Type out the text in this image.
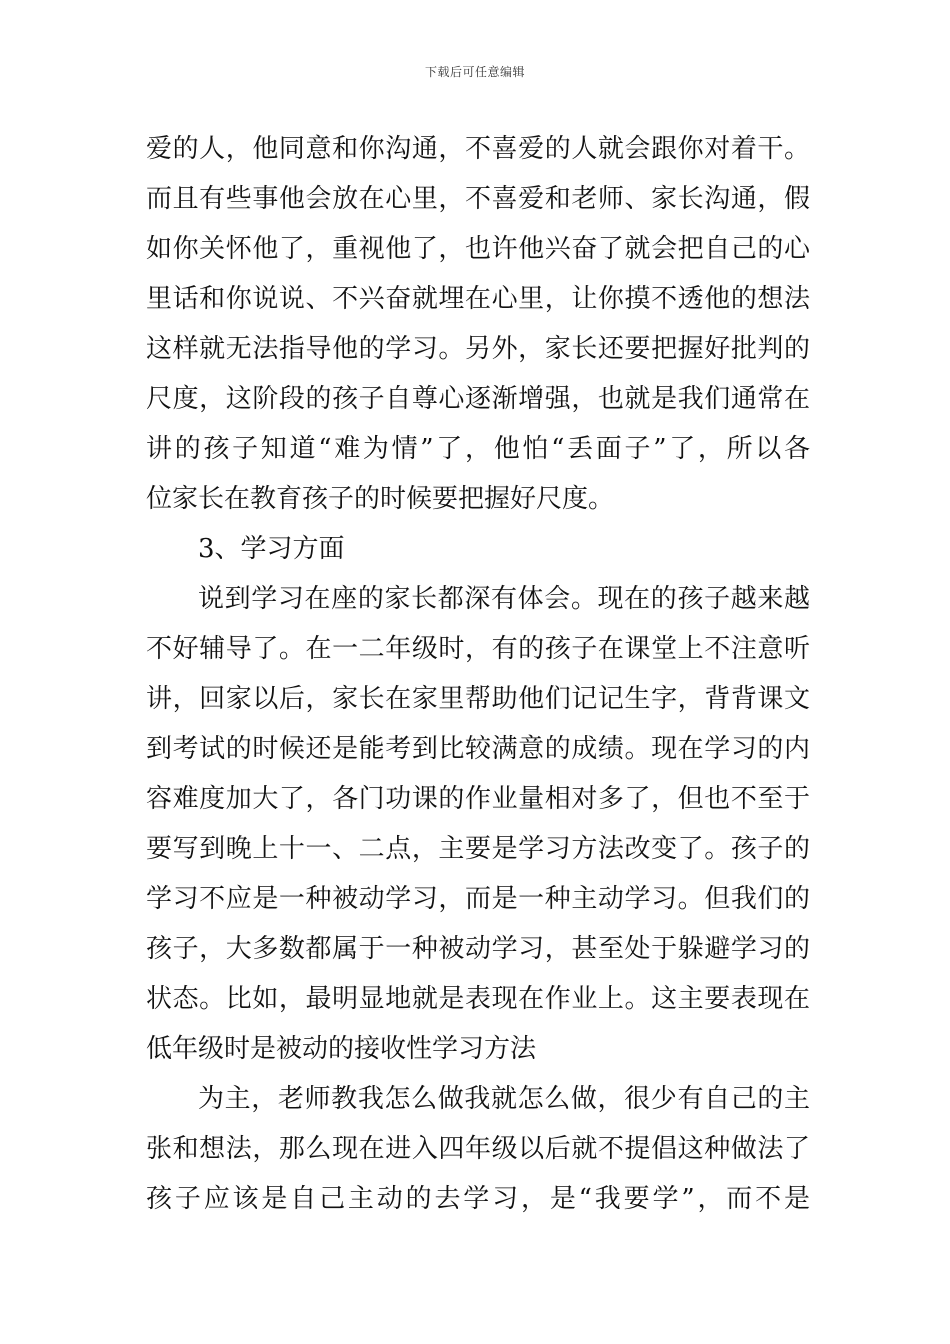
下载后可任意编辑
爱的人，他同意和你沟通，不喜爱的人就会跟你对着干。
而且有些事他会放在心里，不喜爱和老师、家长沟通，假
如你关怀他了，重视他了，也许他兴奋了就会把自己的心
里话和你说说、不兴奋就埋在心里，让你摸不透他的想法
这样就无法指导他的学习。另外，家长还要把握好批判的
尺度，这阶段的孩子自尊心逐渐增强，也就是我们通常在
讲的孩子知道“难为情”了，他怕“丢面子”了，所以各
位家长在教育孩子的时候要把握好尺度。
3、学习方面
说到学习在座的家长都深有体会。现在的孩子越来越
不好辅导了。在一二年级时，有的孩子在课堂上不注意听
讲，回家以后，家长在家里帮助他们记记生字，背背课文
到考试的时候还是能考到比较满意的成绩。现在学习的内
容难度加大了，各门功课的作业量相对多了，但也不至于
要写到晚上十一、二点，主要是学习方法改变了。孩子的
学习不应是一种被动学习，而是一种主动学习。但我们的
孩子，大多数都属于一种被动学习，甚至处于躲避学习的
状态。比如，最明显地就是表现在作业上。这主要表现在
低年级时是被动的接收性学习方法
为主，老师教我怎么做我就怎么做，很少有自己的主
张和想法，那么现在进入四年级以后就不提倡这种做法了
孩子应该是自己主动的去学习，是“我要学”，而不是
